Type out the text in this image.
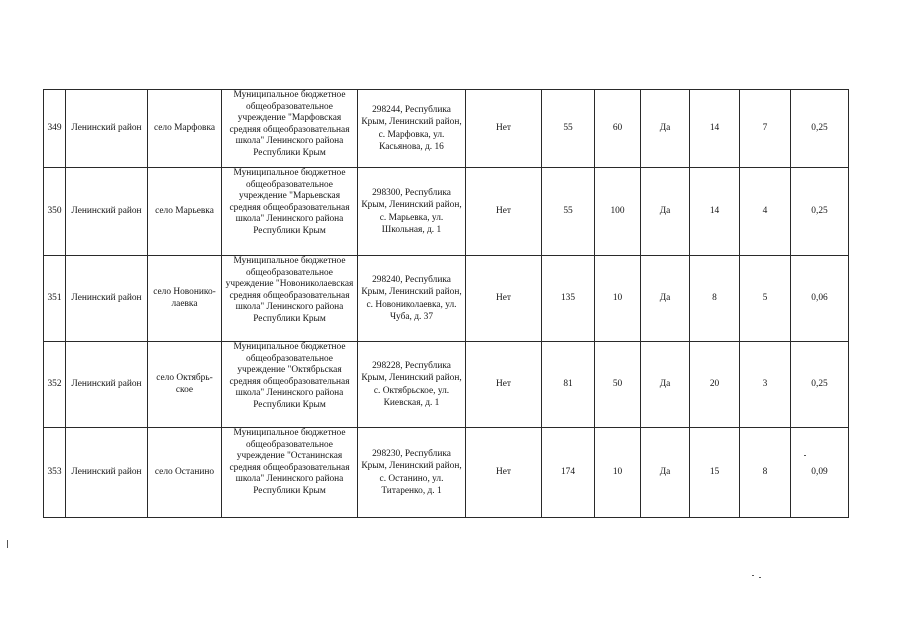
349	Ленинский район	село Марфовка	Муниципальное бюджетное общеобразовательное учреждение "Марфовская средняя общеобразовательная школа" Ленинского района Республики Крым	298244, Республика Крым, Ленинский район, с. Марфовка, ул. Касьянова, д. 16	Нет	55	60	Да	14	7	0,25
350	Ленинский район	село Марьевка	Муниципальное бюджетное общеобразовательное учреждение "Марьевская средняя общеобразовательная школа" Ленинского района Республики Крым	298300, Республика Крым, Ленинский район, с. Марьевка, ул. Школьная, д. 1	Нет	55	100	Да	14	4	0,25
351	Ленинский район	село Новонико-лаевка	Муниципальное бюджетное общеобразовательное учреждение "Новониколаевская средняя общеобразовательная школа" Ленинского района Республики Крым	298240, Республика Крым, Ленинский район, с. Новониколаевка, ул. Чуба, д. 37	Нет	135	10	Да	8	5	0,06
352	Ленинский район	село Октябрь-ское	Муниципальное бюджетное общеобразовательное учреждение "Октябрьская средняя общеобразовательная школа" Ленинского района Республики Крым	298228, Республика Крым, Ленинский район, с. Октябрьское, ул. Киевская, д. 1	Нет	81	50	Да	20	3	0,25
353	Ленинский район	село Останино	Муниципальное бюджетное общеобразовательное учреждение "Останинская средняя общеобразовательная школа" Ленинского района Республики Крым	298230, Республика Крым, Ленинский район, с. Останино, ул. Титаренко, д. 1	Нет	174	10	Да	15	8	0,09
